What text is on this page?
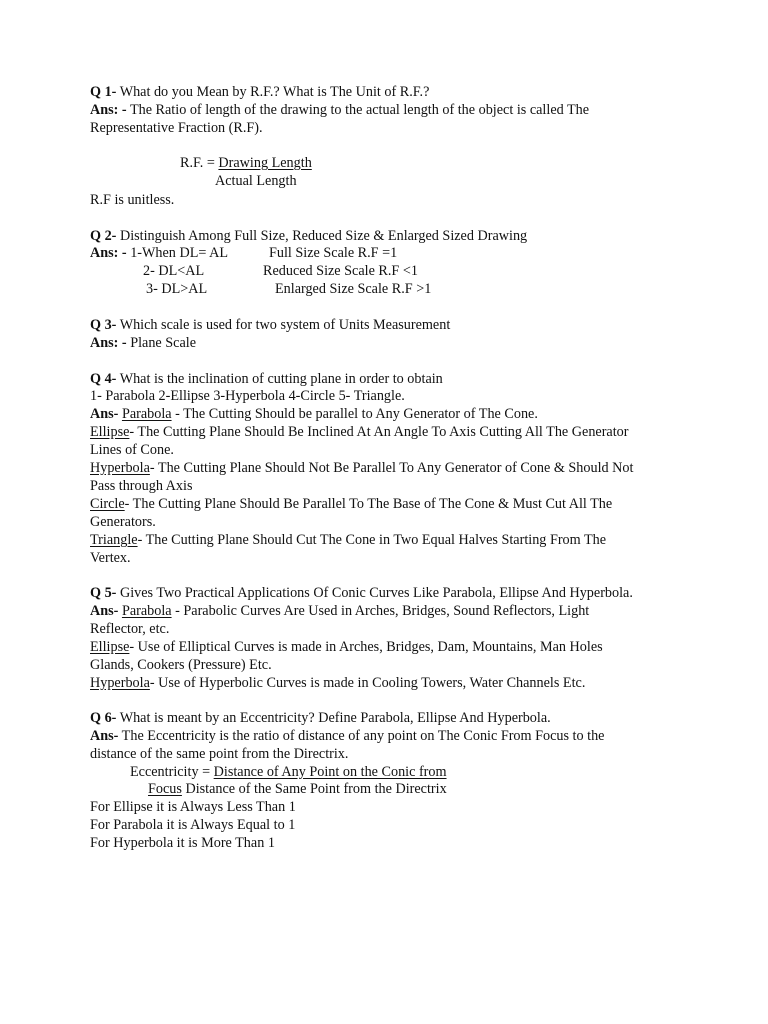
Q 1- What do you Mean by R.F.? What is The Unit of R.F.?
Ans: - The Ratio of length of the drawing to the actual length of the object is called The
Representative Fraction (R.F).
R.F. = Drawing Length
Actual Length
R.F is unitless.
Q 2- Distinguish Among Full Size, Reduced Size & Enlarged Sized Drawing
Ans: - 1-When DL= AL	Full Size Scale R.F =1
2- DL<AL	Reduced Size Scale R.F <1
3- DL>AL	Enlarged Size Scale R.F >1
Q 3- Which scale is used for two system of Units Measurement
Ans: - Plane Scale
Q 4- What is the inclination of cutting plane in order to obtain
1- Parabola 2-Ellipse 3-Hyperbola 4-Circle 5- Triangle.
Ans- Parabola - The Cutting Should be parallel to Any Generator of The Cone.
Ellipse- The Cutting Plane Should Be Inclined At An Angle To Axis Cutting All The Generator
Lines of Cone.
Hyperbola- The Cutting Plane Should Not Be Parallel To Any Generator of Cone & Should Not
Pass through Axis
Circle- The Cutting Plane Should Be Parallel To The Base of The Cone & Must Cut All The
Generators.
Triangle- The Cutting Plane Should Cut The Cone in Two Equal Halves Starting From The
Vertex.
Q 5- Gives Two Practical Applications Of Conic Curves Like Parabola, Ellipse And Hyperbola.
Ans- Parabola - Parabolic Curves Are Used in Arches, Bridges, Sound Reflectors, Light
Reflector, etc.
Ellipse- Use of Elliptical Curves is made in Arches, Bridges, Dam, Mountains, Man Holes
Glands, Cookers (Pressure) Etc.
Hyperbola- Use of Hyperbolic Curves is made in Cooling Towers, Water Channels Etc.
Q 6- What is meant by an Eccentricity? Define Parabola, Ellipse And Hyperbola.
Ans- The Eccentricity is the ratio of distance of any point on The Conic From Focus to the
distance of the same point from the Directrix.
Eccentricity = Distance of Any Point on the Conic from
Focus Distance of the Same Point from the Directrix
For Ellipse it is Always Less Than 1
For Parabola it is Always Equal to 1
For Hyperbola it is More Than 1
